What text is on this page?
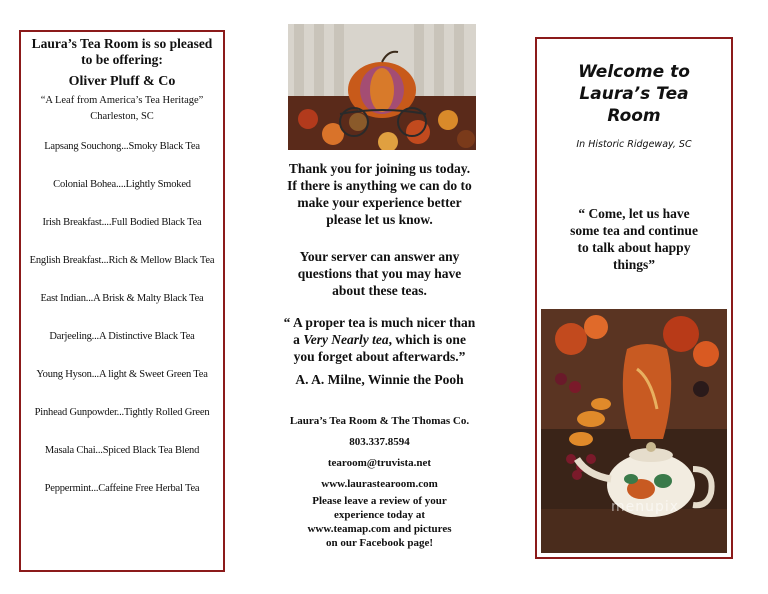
Laura’s Tea Room is so pleased
to be offering:
Oliver Pluff & Co
“A Leaf from America’s Tea Heritage”
Charleston, SC
Lapsang Souchong...Smoky Black Tea
Colonial Bohea....Lightly Smoked
Irish Breakfast....Full Bodied Black Tea
English Breakfast...Rich & Mellow Black Tea
East Indian...A Brisk & Malty Black Tea
Darjeeling...A Distinctive Black Tea
Young Hyson...A light & Sweet Green Tea
Pinhead Gunpowder...Tightly Rolled Green
Masala Chai...Spiced Black Tea Blend
Peppermint...Caffeine Free Herbal Tea
Thank you for joining us today.
If there is anything we can do to
make your experience better
please let us know.
Your server can answer any
questions that you may have
about these teas.
“ A proper tea is much nicer than
a Very Nearly tea, which is one
you forget about afterwards.”
A. A. Milne, Winnie the Pooh
Laura’s Tea Room & The Thomas Co.
803.337.8594
tearoom@truvista.net
www.laurastearoom.com
Please leave a review of your
experience today at
www.teamap.com and pictures
on our Facebook page!
Welcome to
Laura’s Tea
Room
In Historic Ridgeway, SC
“ Come, let us have
some tea and continue
to talk about happy
things”
menupix
